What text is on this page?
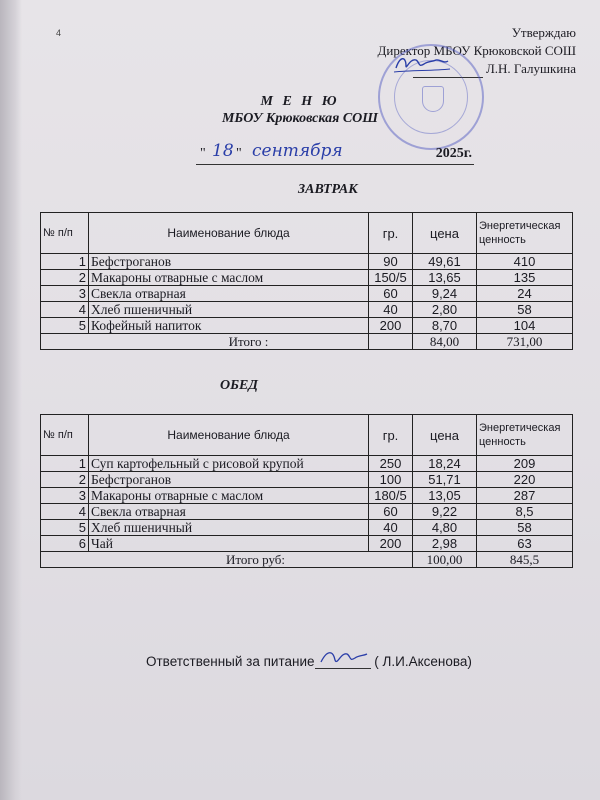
4	Утверждаю
Директор МБОУ Крюковской СОШ
Л.Н. Галушкина
М Е Н Ю
МБОУ Крюковская СОШ
" 18 " сентября	2025г.
ЗАВТРАК
№ п/п	Наименование блюда	гр.	цена	Энергетическая ценность
1	Бефстроганов	90	49,61	410
2	Макароны отварные с маслом	150/5	13,65	135
3	Свекла отварная	60	9,24	24
4	Хлеб пшеничный	40	2,80	58
5	Кофейный напиток	200	8,70	104
Итого :			84,00	731,00
ОБЕД
№ п/п	Наименование блюда	гр.	цена	Энергетическая ценность
1	Суп картофельный с рисовой крупой	250	18,24	209
2	Бефстроганов	100	51,71	220
3	Макароны отварные с маслом	180/5	13,05	287
4	Свекла отварная	60	9,22	8,5
5	Хлеб пшеничный	40	4,80	58
6	Чай	200	2,98	63
Итого руб:			100,00	845,5
Ответственный за питание	( Л.И.Аксенова)
